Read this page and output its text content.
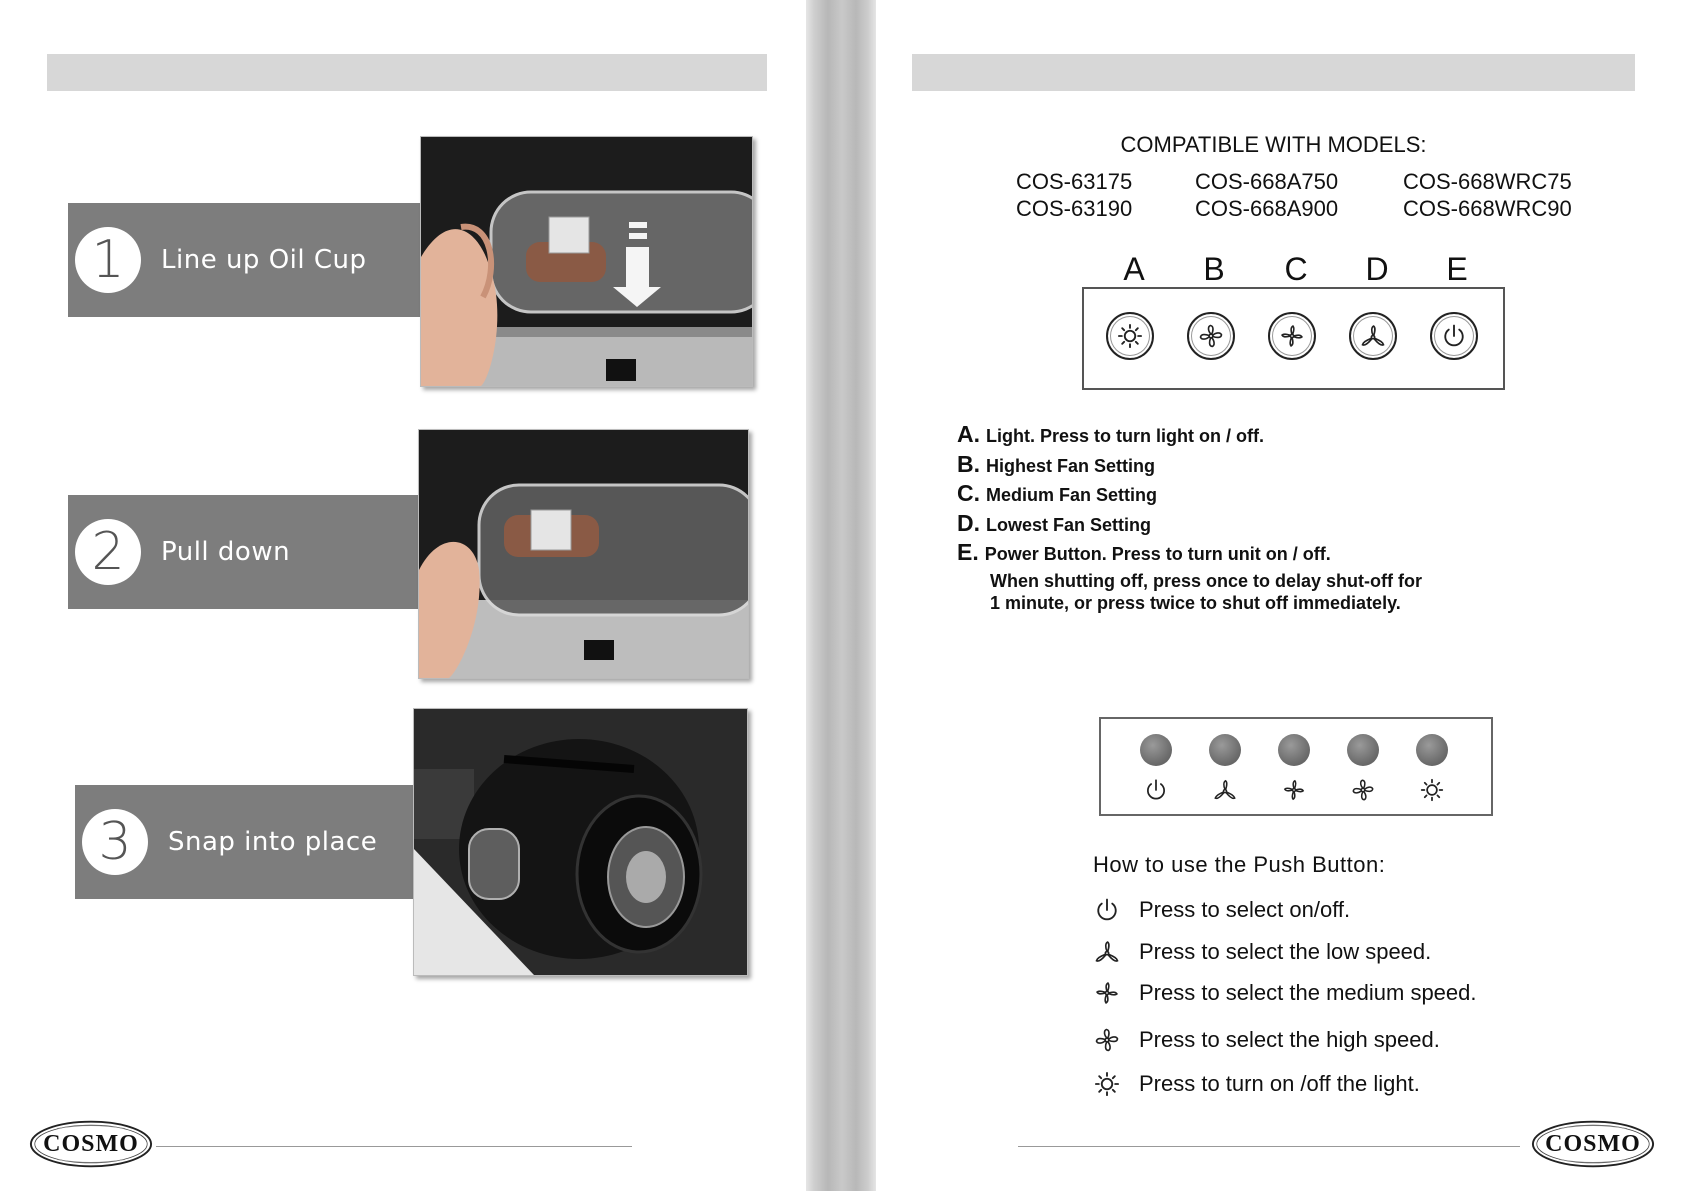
1	Line up Oil Cup
2	Pull down
3	Snap into place
COSMO
COMPATIBLE WITH MODELS:
COS-63175	COS-668A750	COS-668WRC75
COS-63190	COS-668A900	COS-668WRC90
A B C D E
A. Light. Press to turn light on / off.
B. Highest Fan Setting
C. Medium Fan Setting
D. Lowest Fan Setting
E. Power Button. Press to turn unit on / off.
When shutting off, press once to delay shut-off for
1 minute, or press twice to shut off immediately.
How to use the Push Button:
Press to select on/off.
Press to select the low speed.
Press to select the medium speed.
Press to select the high speed.
Press to turn on /off the light.
COSMO
